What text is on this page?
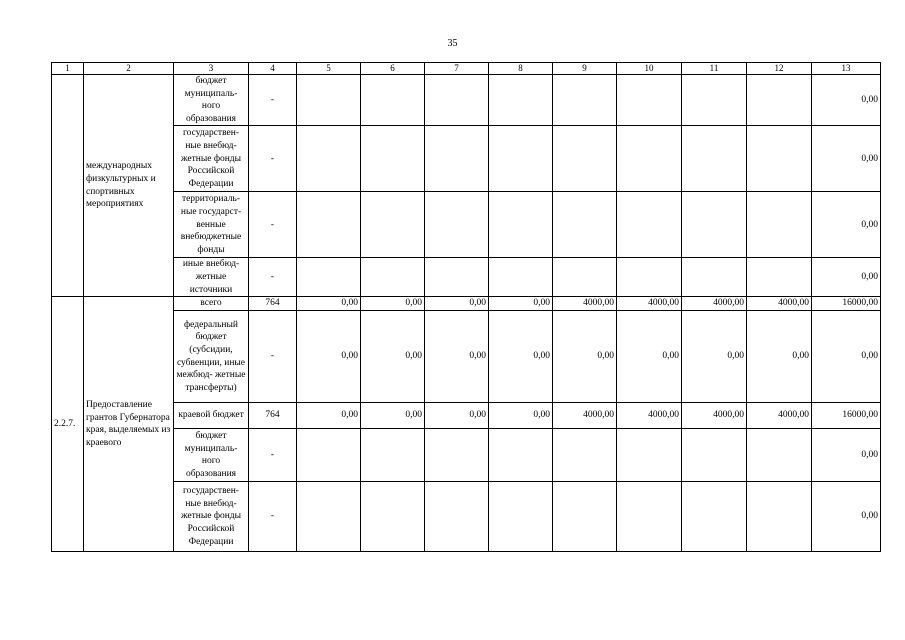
35
1	2	3	4	5	6	7	8	9	10	11	12	13
	международных физкультурных и спортивных мероприятиях	бюджет муниципаль- ного образования	-									0,00
		государствен- ные внебюд- жетные фонды Российской Федерации	-									0,00
		территориаль- ные государст- венные внебюджетные фонды	-									0,00
		иные внебюд- жетные источники	-									0,00
2.2.7.	Предоставление грантов Губернатора края, выделяемых из краевого	всего	764	0,00	0,00	0,00	0,00	4000,00	4000,00	4000,00	4000,00	16000,00
		федеральный бюджет (субсидии, субвенции, иные межбюд- жетные трансферты)	-	0,00	0,00	0,00	0,00	0,00	0,00	0,00	0,00	0,00
		краевой бюджет	764	0,00	0,00	0,00	0,00	4000,00	4000,00	4000,00	4000,00	16000,00
		бюджет муниципаль- ного образования	-									0,00
		государствен- ные внебюд- жетные фонды Российской Федерации	-									0,00
